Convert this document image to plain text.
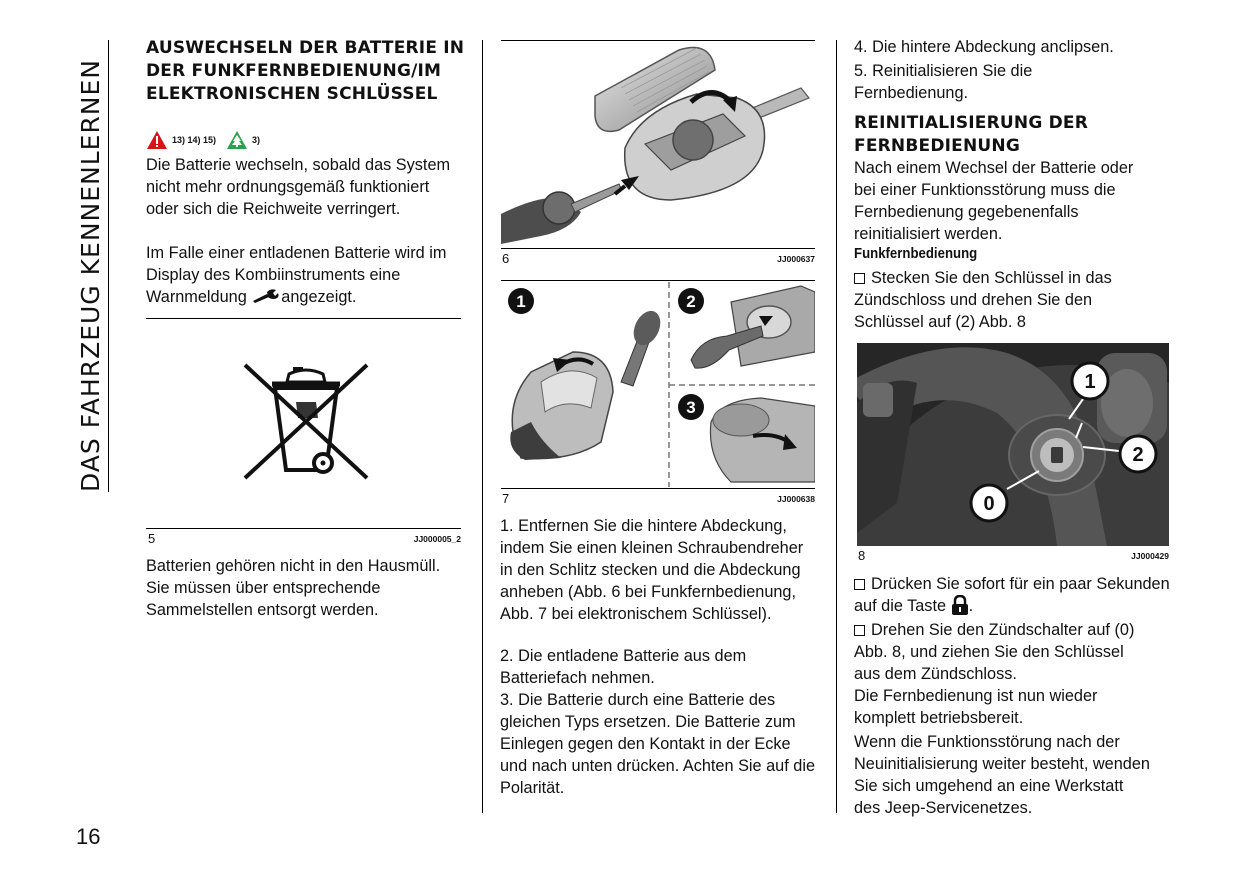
DAS FAHRZEUG KENNENLERNEN
16
AUSWECHSELN DER BATTERIE IN DER FUNKFERNBEDIENUNG/IM ELEKTRONISCHEN SCHLÜSSEL
13) 14) 15)	3)

Die Batterie wechseln, sobald das System nicht mehr ordnungsgemäß funktioniert oder sich die Reichweite verringert.

Im Falle einer entladenen Batterie wird im Display des Kombiinstruments eine Warnmeldung angezeigt.

5	JJ000005_2

Batterien gehören nicht in den Hausmüll. Sie müssen über entsprechende Sammelstellen entsorgt werden.

6	JJ000637
1	2
3
7	JJ000638

1. Entfernen Sie die hintere Abdeckung, indem Sie einen kleinen Schraubendreher in den Schlitz stecken und die Abdeckung anheben (Abb. 6 bei Funkfernbedienung, Abb. 7 bei elektronischem Schlüssel).

2. Die entladene Batterie aus dem Batteriefach nehmen.

3. Die Batterie durch eine Batterie des gleichen Typs ersetzen. Die Batterie zum Einlegen gegen den Kontakt in der Ecke und nach unten drücken. Achten Sie auf die Polarität.

4. Die hintere Abdeckung anclipsen.

5. Reinitialisieren Sie die Fernbedienung.

REINITIALISIERUNG DER FERNBEDIENUNG

Nach einem Wechsel der Batterie oder bei einer Funktionsstörung muss die Fernbedienung gegebenenfalls reinitialisiert werden.

Funkfernbedienung

Stecken Sie den Schlüssel in das Zündschloss und drehen Sie den Schlüssel auf (2) Abb. 8

1
2
0
8	JJ000429

Drücken Sie sofort für ein paar Sekunden auf die Taste .

Drehen Sie den Zündschalter auf (0) Abb. 8, und ziehen Sie den Schlüssel aus dem Zündschloss.

Die Fernbedienung ist nun wieder komplett betriebsbereit.

Wenn die Funktionsstörung nach der Neuinitialisierung weiter besteht, wenden Sie sich umgehend an eine Werkstatt des Jeep-Servicenetzes.
